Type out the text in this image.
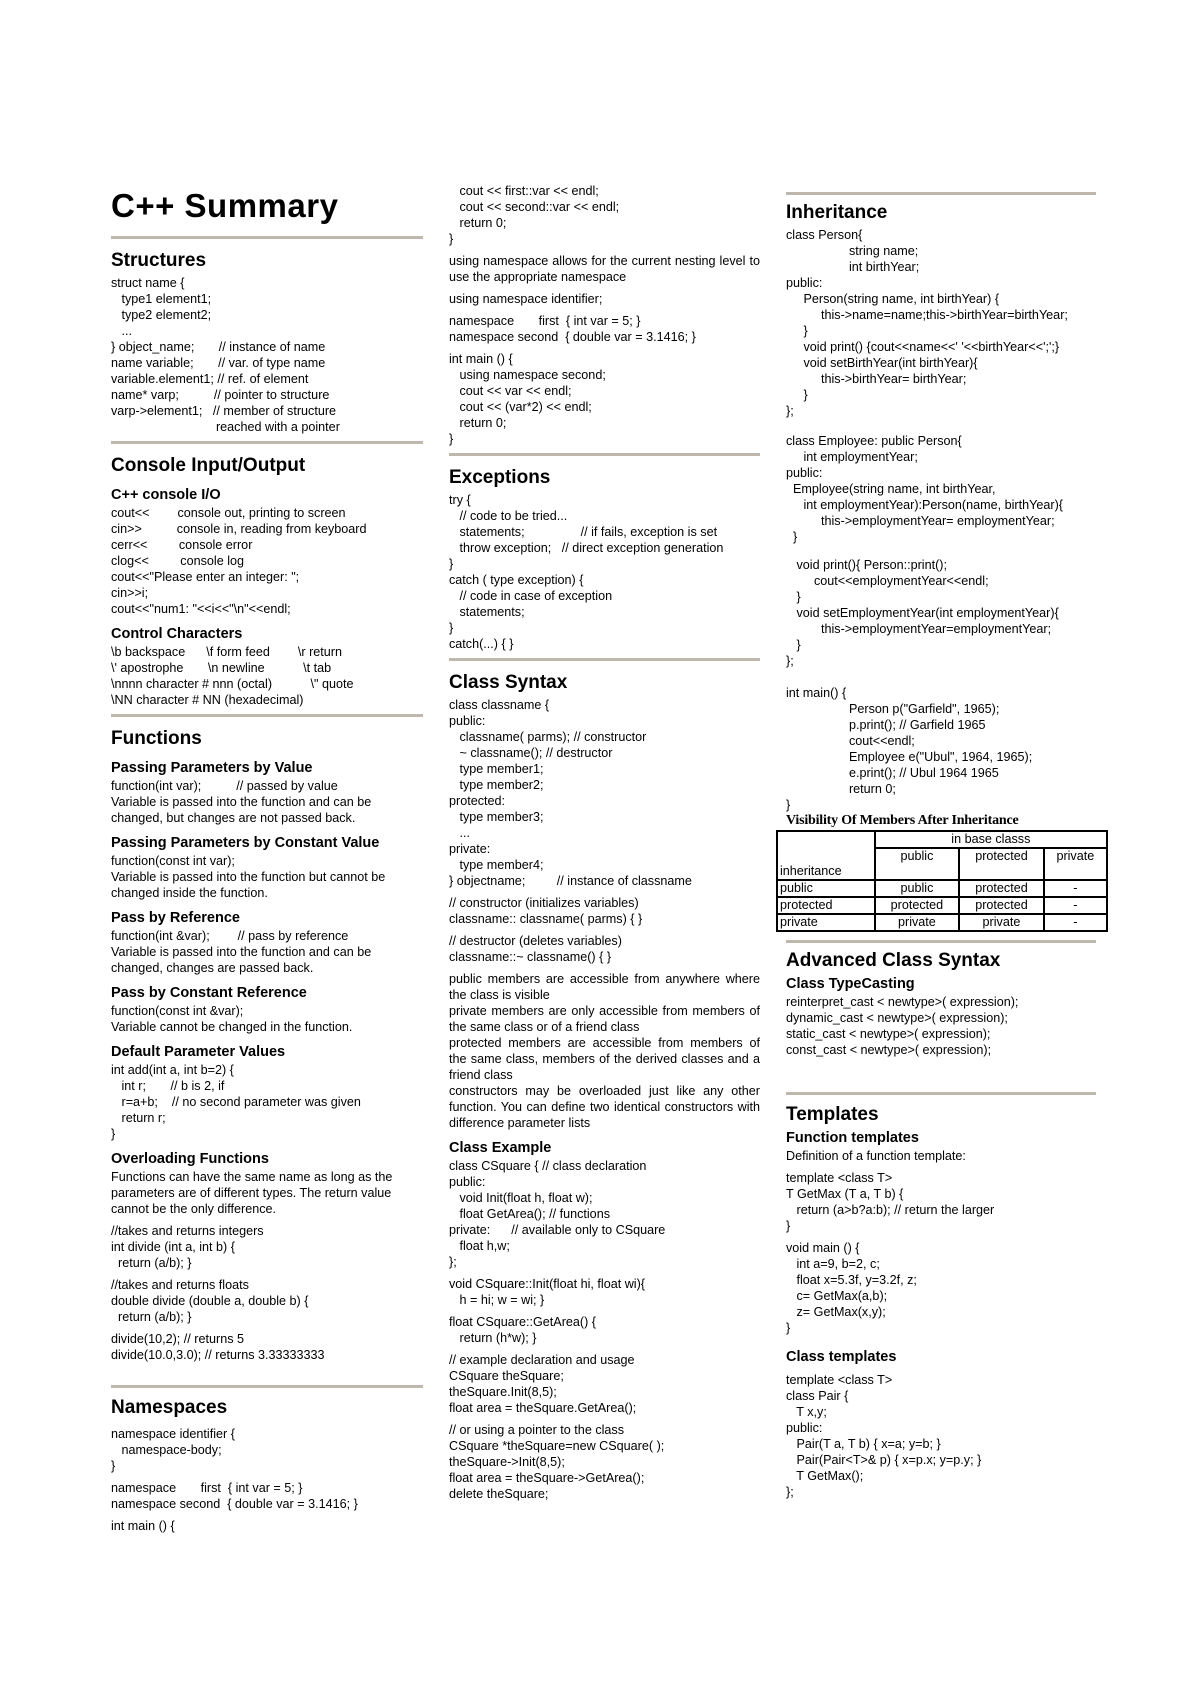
C++ Summary
Structures
struct name {
type1 element1;
type2 element2;
...
} object_name;       // instance of name
name variable;       // var. of type name
variable.element1; // ref. of element
name* varp;          // pointer to structure
varp->element1;   // member of structure
reached with a pointer
Console Input/Output
C++ console I/O
cout<<        console out, printing to screen
cin>>          console in, reading from keyboard
cerr<<         console error
clog<<         console log
cout<<"Please enter an integer: ";
cin>>i;
cout<<"num1: "<<i<<"\n"<<endl;
Control Characters
\b backspace      \f form feed        \r return
\' apostrophe       \n newline           \t tab
\nnnn character # nnn (octal)           \" quote
\NN character # NN (hexadecimal)
Functions
Passing Parameters by Value
function(int var);          // passed by value
Variable is passed into the function and can be
changed, but changes are not passed back.
Passing Parameters by Constant Value
function(const int var);
Variable is passed into the function but cannot be
changed inside the function.
Pass by Reference
function(int &var);        // pass by reference
Variable is passed into the function and can be
changed, changes are passed back.
Pass by Constant Reference
function(const int &var);
Variable cannot be changed in the function.
Default Parameter Values
int add(int a, int b=2) {
int r;       // b is 2, if
r=a+b;    // no second parameter was given
return r;
}
Overloading Functions
Functions can have the same name as long as the
parameters are of different types. The return value
cannot be the only difference.
//takes and returns integers
int divide (int a, int b) {
return (a/b); }
//takes and returns floats
double divide (double a, double b) {
return (a/b); }
divide(10,2); // returns 5
divide(10.0,3.0); // returns 3.33333333
Namespaces
namespace identifier {
namespace-body;
}
namespace       first  { int var = 5; }
namespace second  { double var = 3.1416; }
int main () {
cout << first::var << endl;
cout << second::var << endl;
return 0;
}
using namespace allows for the current nesting level to use the appropriate namespace
using namespace identifier;
namespace       first  { int var = 5; }
namespace second  { double var = 3.1416; }
int main () {
using namespace second;
cout << var << endl;
cout << (var*2) << endl;
return 0;
}
Exceptions
try {
// code to be tried...
statements;                // if fails, exception is set
throw exception;   // direct exception generation
}
catch ( type exception) {
// code in case of exception
statements;
}
catch(...) { }
Class Syntax
class classname {
public:
classname( parms); // constructor
~ classname(); // destructor
type member1;
type member2;
protected:
type member3;
...
private:
type member4;
} objectname;         // instance of classname
// constructor (initializes variables)
classname:: classname( parms) { }
// destructor (deletes variables)
classname::~ classname() { }
public members are accessible from anywhere where the class is visible
private members are only accessible from members of the same class or of a friend class
protected members are accessible from members of the same class, members of the derived classes and a friend class
constructors may be overloaded just like any other function. You can define two identical constructors with difference parameter lists
Class Example
class CSquare { // class declaration
public:
void Init(float h, float w);
float GetArea(); // functions
private:      // available only to CSquare
float h,w;
};
void CSquare::Init(float hi, float wi){
h = hi; w = wi; }
float CSquare::GetArea() {
return (h*w); }
// example declaration and usage
CSquare theSquare;
theSquare.Init(8,5);
float area = theSquare.GetArea();
// or using a pointer to the class
CSquare *theSquare=new CSquare( );
theSquare->Init(8,5);
float area = theSquare->GetArea();
delete theSquare;
Inheritance
class Person{
string name;
int birthYear;
public:
Person(string name, int birthYear) {
this->name=name;this->birthYear=birthYear;
}
void print() {cout<<name<<' '<<birthYear<<';';}
void setBirthYear(int birthYear){
this->birthYear= birthYear;
}
};
class Employee: public Person{
int employmentYear;
public:
Employee(string name, int birthYear,
int employmentYear):Person(name, birthYear){
this->employmentYear= employmentYear;
}
void print(){ Person::print();
cout<<employmentYear<<endl;
}
void setEmploymentYear(int employmentYear){
this->employmentYear=employmentYear;
}
};
int main() {
Person p("Garfield", 1965);
p.print(); // Garfield 1965
cout<<endl;
Employee e("Ubul", 1964, 1965);
e.print(); // Ubul 1964 1965
return 0;
}
Visibility Of Members After Inheritance
inheritance	in base classs		
	public	protected	private
public	public	protected	-
protected	protected	protected	-
private	private	private	-
Advanced Class Syntax
Class TypeCasting
reinterpret_cast < newtype>( expression);
dynamic_cast < newtype>( expression);
static_cast < newtype>( expression);
const_cast < newtype>( expression);
Templates
Function templates
Definition of a function template:
template <class T>
T GetMax (T a, T b) {
return (a>b?a:b); // return the larger
}
void main () {
int a=9, b=2, c;
float x=5.3f, y=3.2f, z;
c= GetMax(a,b);
z= GetMax(x,y);
}
Class templates
template <class T>
class Pair {
T x,y;
public:
Pair(T a, T b) { x=a; y=b; }
Pair(Pair<T>& p) { x=p.x; y=p.y; }
T GetMax();
};
